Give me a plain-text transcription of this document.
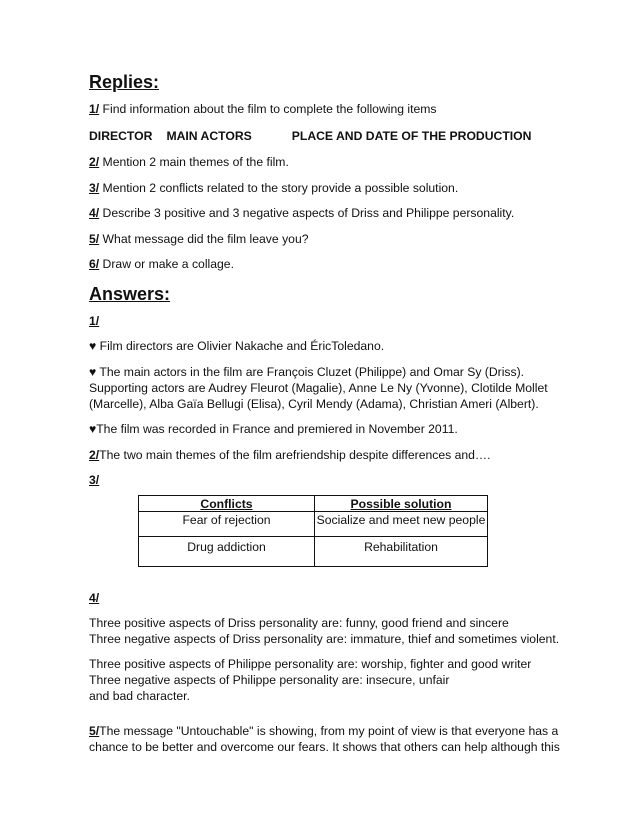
Replies:

1/ Find information about the film to complete the following items

DIRECTOR MAIN ACTORS	PLACE AND DATE OF THE PRODUCTION

2/ Mention 2 main themes of the film.

3/ Mention 2 conflicts related to the story provide a possible solution.

4/ Describe 3 positive and 3 negative aspects of Driss and Philippe personality.

5/ What message did the film leave you?

6/ Draw or make a collage.

Answers:

1/

♥ Film directors are Olivier Nakache and ÉricToledano.

♥ The main actors in the film are François Cluzet (Philippe) and Omar Sy (Driss).

Supporting actors are Audrey Fleurot (Magalie), Anne Le Ny (Yvonne), Clotilde Mollet

(Marcelle), Alba Gaïa Bellugi (Elisa), Cyril Mendy (Adama), Christian Ameri (Albert).

♥The film was recorded in France and premiered in November 2011.

2/The two main themes of the film arefriendship despite differences and….

3/

Conflicts	Possible solution
Fear of rejection	Socialize and meet new people
Drug addiction	Rehabilitation

4/

Three positive aspects of Driss personality are: funny, good friend and sincere

Three negative aspects of Driss personality are: immature, thief and sometimes violent.

Three positive aspects of Philippe personality are: worship, fighter and good writer

Three negative aspects of Philippe personality are: insecure, unfair

and bad character.

5/The message "Untouchable" is showing, from my point of view is that everyone has a

chance to be better and overcome our fears. It shows that others can help although this
